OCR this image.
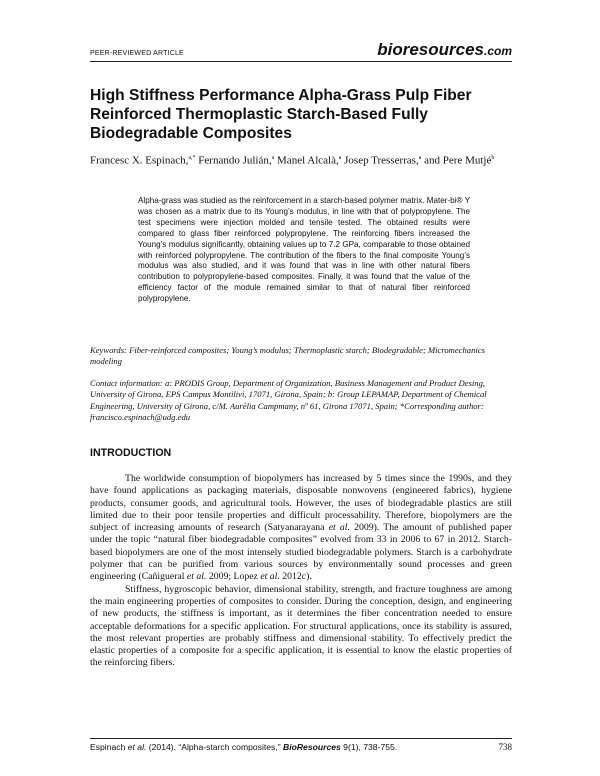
PEER-REVIEWED ARTICLE	bioresources.com
High Stiffness Performance Alpha-Grass Pulp Fiber Reinforced Thermoplastic Starch-Based Fully Biodegradable Composites
Francesc X. Espinach,$^{a,*}$ Fernando Julián,$^a$ Manel Alcalà,$^a$ Josep Tresserras,$^a$ and Pere Mutjé$^b$
Alpha-grass was studied as the reinforcement in a starch-based polymer matrix. Mater-bi® Y was chosen as a matrix due to its Young’s modulus, in line with that of polypropylene. The test specimens were injection molded and tensile tested. The obtained results were compared to glass fiber reinforced polypropylene. The reinforcing fibers increased the Young’s modulus significantly, obtaining values up to 7.2 GPa, comparable to those obtained with reinforced polypropylene. The contribution of the fibers to the final composite Young’s modulus was also studied, and it was found that was in line with other natural fibers contribution to polypropylene-based composites. Finally, it was found that the value of the efficiency factor of the module remained similar to that of natural fiber reinforced polypropylene.
Keywords: Fiber-reinforced composites; Young’s modulus; Thermoplastic starch; Biodegradable; Micromechanics modeling
Contact information: a: PRODIS Group, Department of Organization, Business Management and Product Desing, University of Girona, EPS Campus Montilivi, 17071, Girona, Spain; b: Group LEPAMAP, Department of Chemical Engineering, University of Girona, c/M. Aurèlia Campmany, nº 61, Girona 17071, Spain; *Corresponding author: francisco.espinach@udg.edu
INTRODUCTION

The worldwide consumption of biopolymers has increased by 5 times since the 1990s, and they have found applications as packaging materials, disposable nonwovens (engineered fabrics), hygiene products, consumer goods, and agricultural tools. However, the uses of biodegradable plastics are still limited due to their poor tensile properties and difficult processability. Therefore, biopolymers are the subject of increasing amounts of research (Satyanarayana et al. 2009). The amount of published paper under the topic “natural fiber biodegradable composites” evolved from 33 in 2006 to 67 in 2012. Starch-based biopolymers are one of the most intensely studied biodegradable polymers. Starch is a carbohydrate polymer that can be purified from various sources by environmentally sound processes and green engineering (Cañigueral et al. 2009; Lopez et al. 2012c).

Stiffness, hygroscopic behavior, dimensional stability, strength, and fracture toughness are among the main engineering properties of composites to consider. During the conception, design, and engineering of new products, the stiffness is important, as it determines the fiber concentration needed to ensure acceptable deformations for a specific application. For structural applications, once its stability is assured, the most relevant properties are probably stiffness and dimensional stability. To effectively predict the elastic properties of a composite for a specific application, it is essential to know the elastic properties of the reinforcing fibers.

Espinach et al. (2014). “Alpha-starch composites,” BioResources 9(1), 738-755.	738
